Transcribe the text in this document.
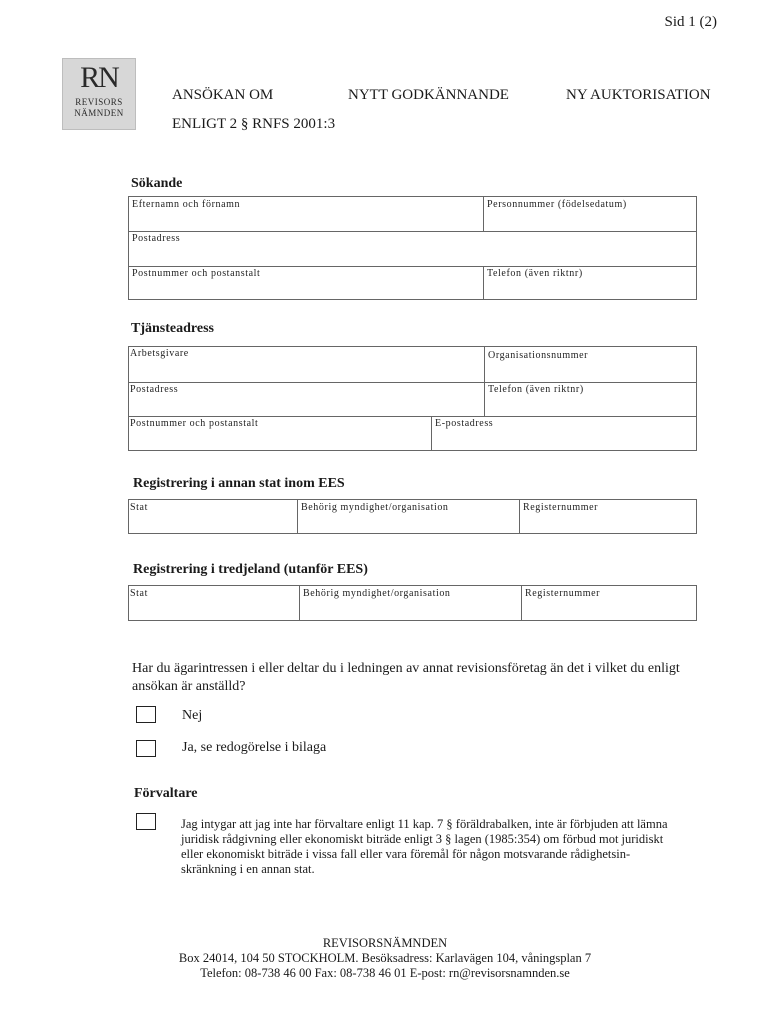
Sid 1 (2)
RN
REVISORS
NÄMNDEN
ANSÖKAN OM	NYTT GODKÄNNANDE	NY AUKTORISATION
ENLIGT 2 § RNFS 2001:3
Sökande
Efternamn och förnamn	Personnummer (födelsedatum)
Postadress
Postnummer och postanstalt	Telefon (även riktnr)
Tjänsteadress
Arbetsgivare	Organisationsnummer
Postadress	Telefon (även riktnr)
Postnummer och postanstalt	E-postadress
Registrering i annan stat inom EES
Stat	Behörig myndighet/organisation	Registernummer
Registrering i tredjeland (utanför EES)
Stat	Behörig myndighet/organisation	Registernummer
Har du ägarintressen i eller deltar du i ledningen av annat revisionsföretag än det i vilket du enligt
ansökan är anställd?
Nej
Ja, se redogörelse i bilaga
Förvaltare
Jag intygar att jag inte har förvaltare enligt 11 kap. 7 § föräldrabalken, inte är förbjuden att lämna
juridisk rådgivning eller ekonomiskt biträde enligt 3 § lagen (1985:354) om förbud mot juridiskt
eller ekonomiskt biträde i vissa fall eller vara föremål för någon motsvarande rådighetsin-
skränkning i en annan stat.
REVISORSNÄMNDEN
Box 24014, 104 50 STOCKHOLM. Besöksadress: Karlavägen 104, våningsplan 7
Telefon: 08-738 46 00 Fax: 08-738 46 01 E-post: rn@revisorsnamnden.se
